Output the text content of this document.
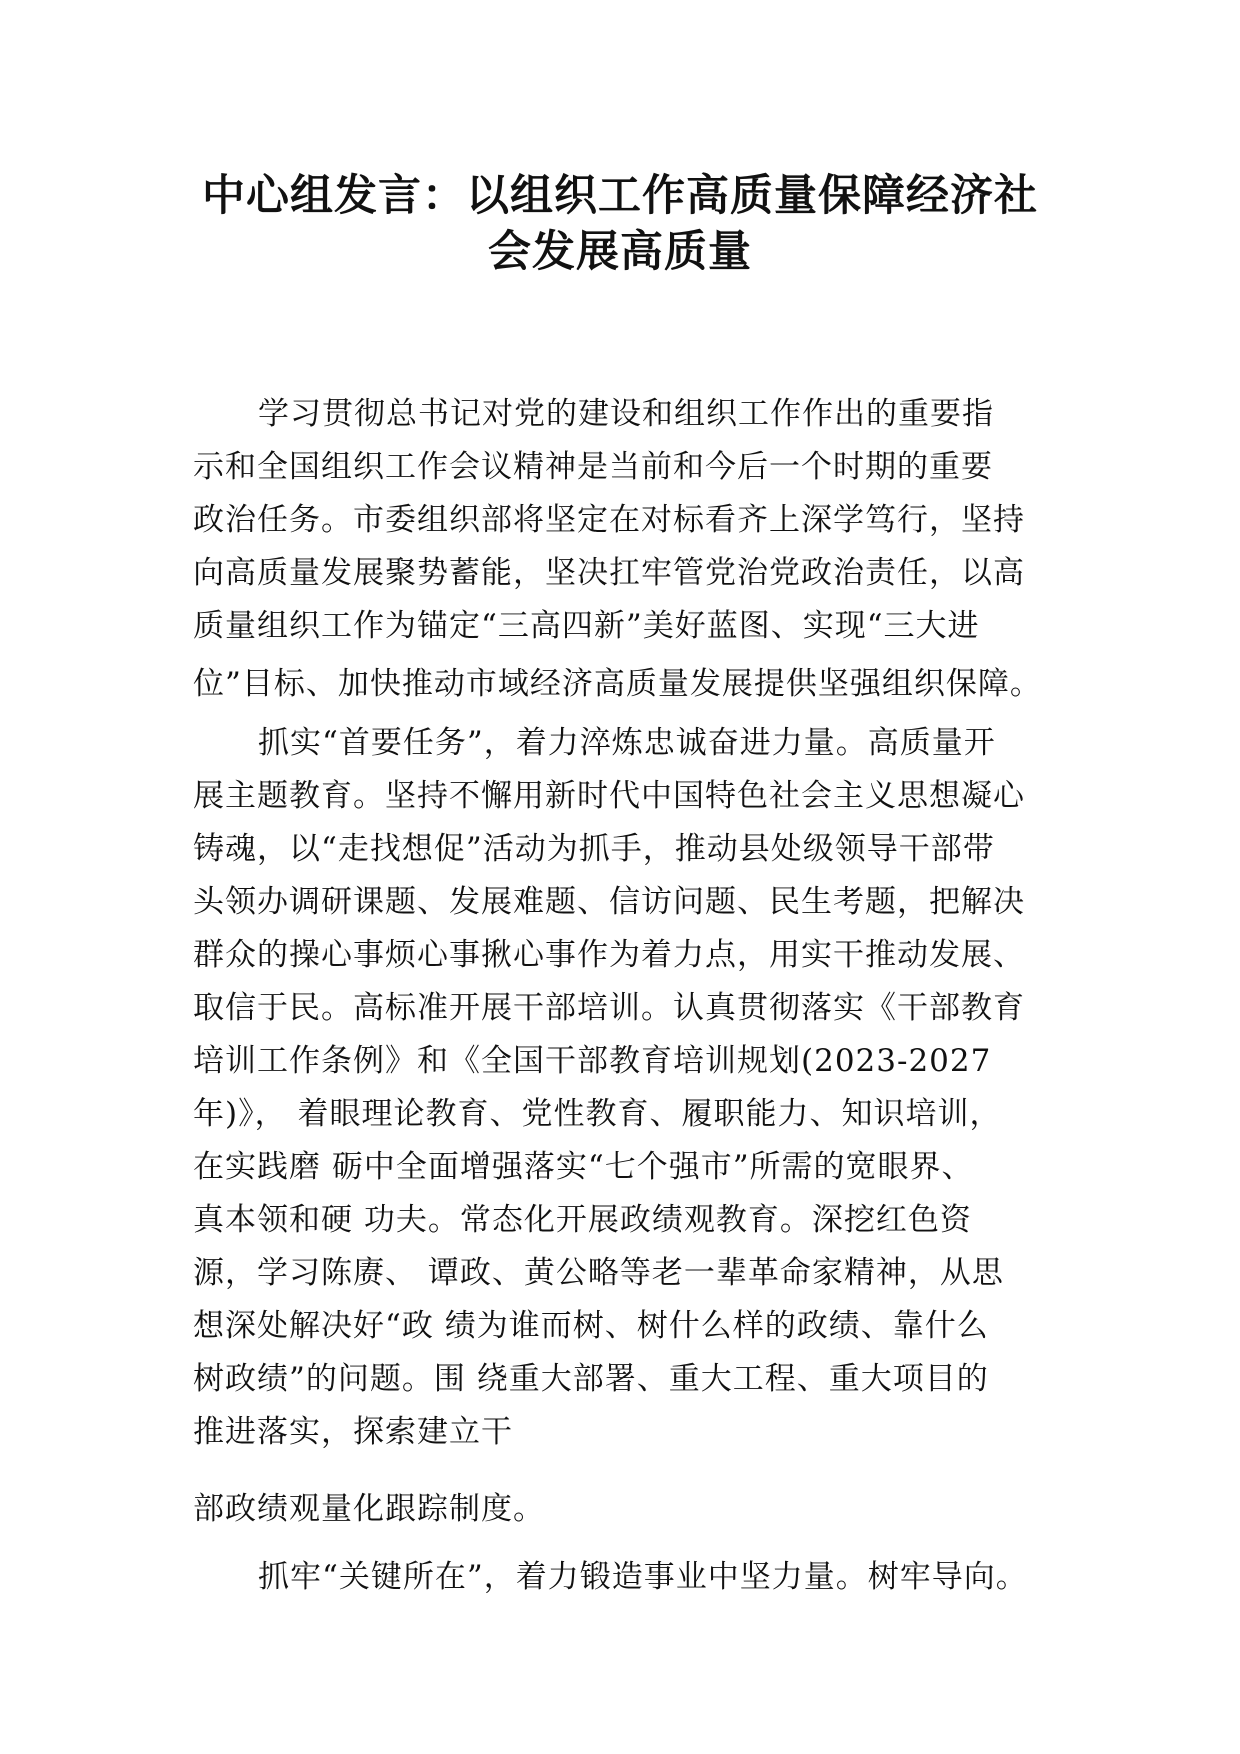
中心组发言：以组织工作高质量保障经济社
会发展高质量
学习贯彻总书记对党的建设和组织工作作出的重要指
示和全国组织工作会议精神是当前和今后一个时期的重要
政治任务。市委组织部将坚定在对标看齐上深学笃行，坚持
向高质量发展聚势蓄能，坚决扛牢管党治党政治责任，以高
质量组织工作为锚定“三高四新”美好蓝图、实现“三大进
位”目标、加快推动市域经济高质量发展提供坚强组织保障。
抓实“首要任务”，着力淬炼忠诚奋进力量。高质量开
展主题教育。坚持不懈用新时代中国特色社会主义思想凝心
铸魂，以“走找想促”活动为抓手，推动县处级领导干部带
头领办调研课题、发展难题、信访问题、民生考题，把解决
群众的操心事烦心事揪心事作为着力点，用实干推动发展、
取信于民。高标准开展干部培训。认真贯彻落实《干部教育
培训工作条例》和《全国干部教育培训规划(2023-2027
年)》， 着眼理论教育、党性教育、履职能力、知识培训，
在实践磨 砺中全面增强落实“七个强市”所需的宽眼界、
真本领和硬 功夫。常态化开展政绩观教育。深挖红色资
源，学习陈赓、 谭政、黄公略等老一辈革命家精神，从思
想深处解决好“政 绩为谁而树、树什么样的政绩、靠什么
树政绩”的问题。围 绕重大部署、重大工程、重大项目的
推进落实，探索建立干
部政绩观量化跟踪制度。
抓牢“关键所在”，着力锻造事业中坚力量。树牢导向。
